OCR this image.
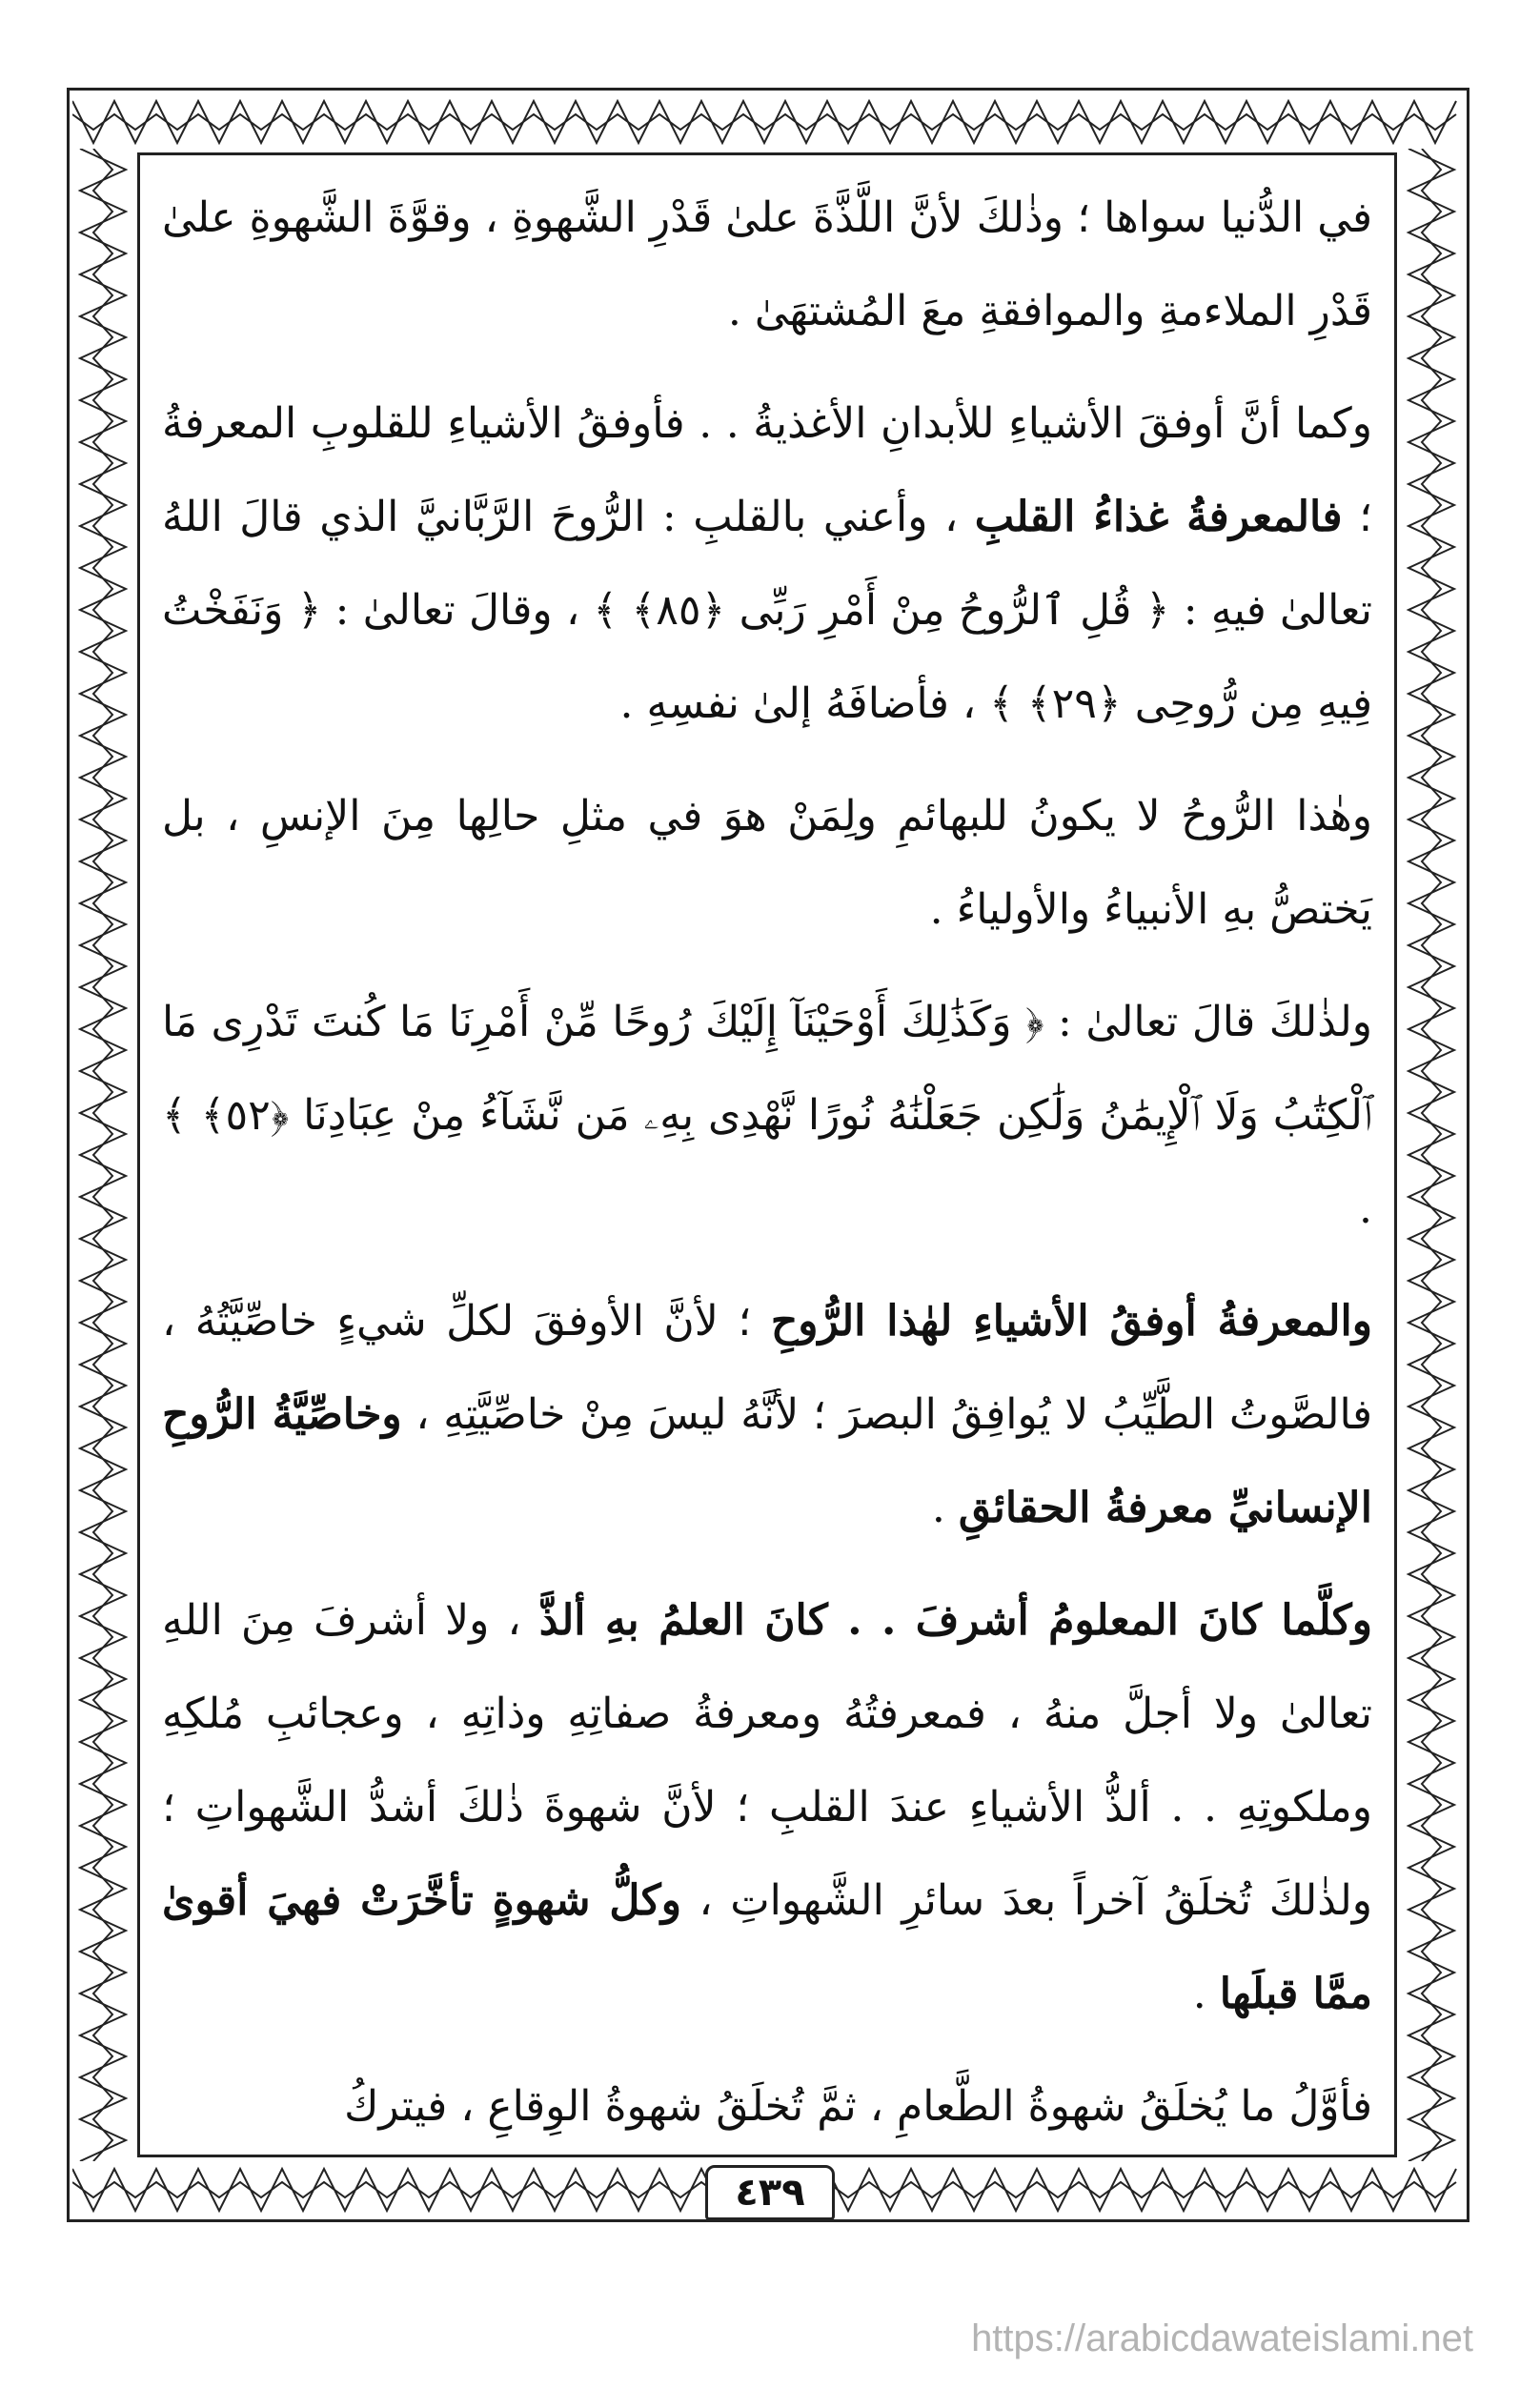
في الدُّنيا سواها ؛ وذٰلكَ لأنَّ اللَّذَّةَ علىٰ قَدْرِ الشَّهوةِ ، وقوَّةَ الشَّهوةِ علىٰ قَدْرِ الملاءمةِ والموافقةِ معَ المُشتهَىٰ .

وكما أنَّ أوفقَ الأشياءِ للأبدانِ الأغذيةُ . . فأوفقُ الأشياءِ للقلوبِ المعرفةُ ؛ فالمعرفةُ غذاءُ القلبِ ، وأعني بالقلبِ : الرُّوحَ الرَّبَّانيَّ الذي قالَ اللهُ تعالىٰ فيهِ : ﴿ قُلِ ٱلرُّوحُ مِنْ أَمْرِ رَبِّى ﴿٨٥﴾ ﴾ ، وقالَ تعالىٰ : ﴿ وَنَفَخْتُ فِيهِ مِن رُّوحِى ﴿٢٩﴾ ﴾ ، فأضافَهُ إلىٰ نفسِهِ .

وهٰذا الرُّوحُ لا يكونُ للبهائمِ ولِمَنْ هوَ في مثلِ حالِها مِنَ الإنسِ ، بل يَختصُّ بهِ الأنبياءُ والأولياءُ .

ولذٰلكَ قالَ تعالىٰ : ﴿ وَكَذَٰلِكَ أَوْحَيْنَآ إِلَيْكَ رُوحًا مِّنْ أَمْرِنَا مَا كُنتَ تَدْرِى مَا ٱلْكِتَٰبُ وَلَا ٱلْإِيمَٰنُ وَلَٰكِن جَعَلْنَٰهُ نُورًا نَّهْدِى بِهِۦ مَن نَّشَآءُ مِنْ عِبَادِنَا ﴿٥٢﴾ ﴾ .

والمعرفةُ أوفقُ الأشياءِ لهٰذا الرُّوحِ ؛ لأنَّ الأوفقَ لكلِّ شيءٍ خاصِّيَّتُهُ ، فالصَّوتُ الطَّيِّبُ لا يُوافِقُ البصرَ ؛ لأنَّهُ ليسَ مِنْ خاصِّيَّتِهِ ، وخاصِّيَّةُ الرُّوحِ الإنسانيِّ معرفةُ الحقائقِ .

وكلَّما كانَ المعلومُ أشرفَ . . كانَ العلمُ بهِ ألذَّ ، ولا أشرفَ مِنَ اللهِ تعالىٰ ولا أجلَّ منهُ ، فمعرفتُهُ ومعرفةُ صفاتِهِ وذاتِهِ ، وعجائبِ مُلكِهِ وملكوتِهِ . . ألذُّ الأشياءِ عندَ القلبِ ؛ لأنَّ شهوةَ ذٰلكَ أشدُّ الشَّهواتِ ؛ ولذٰلكَ تُخلَقُ آخراً بعدَ سائرِ الشَّهواتِ ، وكلُّ شهوةٍ تأخَّرَتْ فهيَ أقوىٰ ممَّا قبلَها .

فأوَّلُ ما يُخلَقُ شهوةُ الطَّعامِ ، ثمَّ تُخلَقُ شهوةُ الوِقاعِ ، فيتركُ

٤٣٩
https://arabicdawateislami.net
